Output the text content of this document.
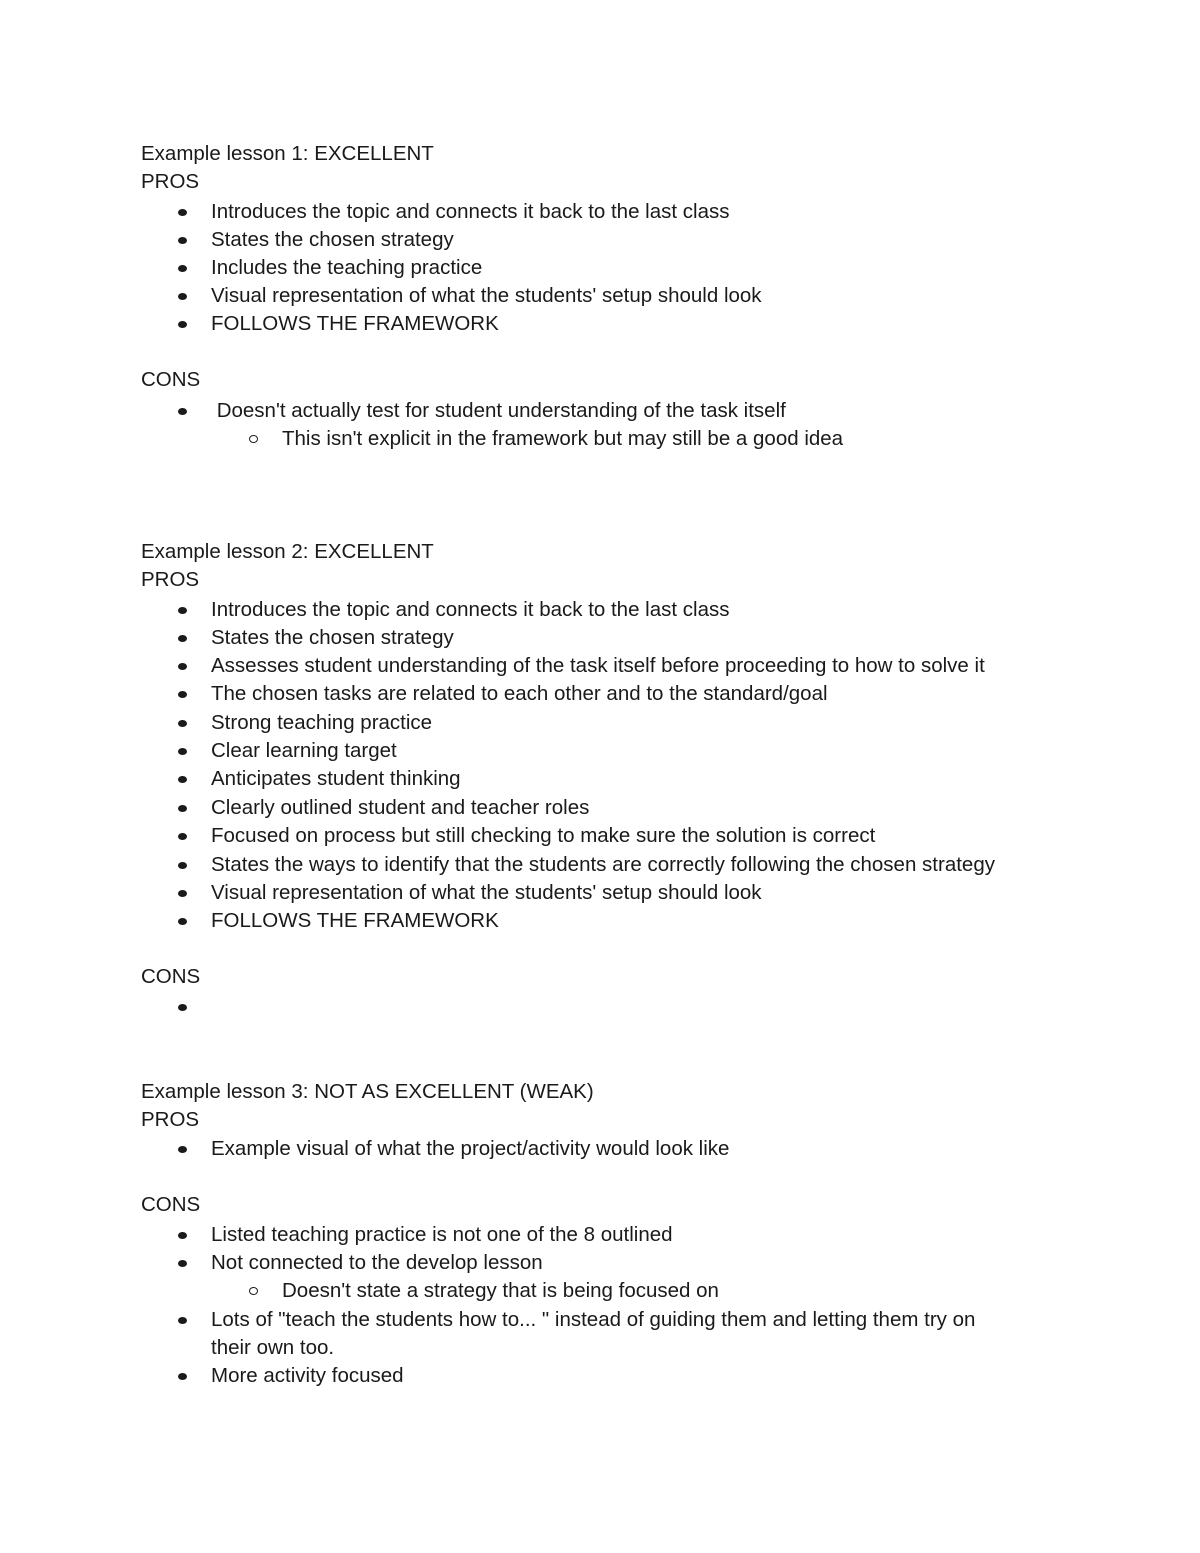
Example lesson 1: EXCELLENT
PROS
Introduces the topic and connects it back to the last class
States the chosen strategy
Includes the teaching practice
Visual representation of what the students' setup should look
FOLLOWS THE FRAMEWORK
CONS
Doesn't actually test for student understanding of the task itself
This isn't explicit in the framework but may still be a good idea
Example lesson 2: EXCELLENT
PROS
Introduces the topic and connects it back to the last class
States the chosen strategy
Assesses student understanding of the task itself before proceeding to how to solve it
The chosen tasks are related to each other and to the standard/goal
Strong teaching practice
Clear learning target
Anticipates student thinking
Clearly outlined student and teacher roles
Focused on process but still checking to make sure the solution is correct
States the ways to identify that the students are correctly following the chosen strategy
Visual representation of what the students' setup should look
FOLLOWS THE FRAMEWORK
CONS
Example lesson 3: NOT AS EXCELLENT (WEAK)
PROS
Example visual of what the project/activity would look like
CONS
Listed teaching practice is not one of the 8 outlined
Not connected to the develop lesson
Doesn't state a strategy that is being focused on
Lots of "teach the students how to... " instead of guiding them and letting them try on
their own too.
More activity focused
